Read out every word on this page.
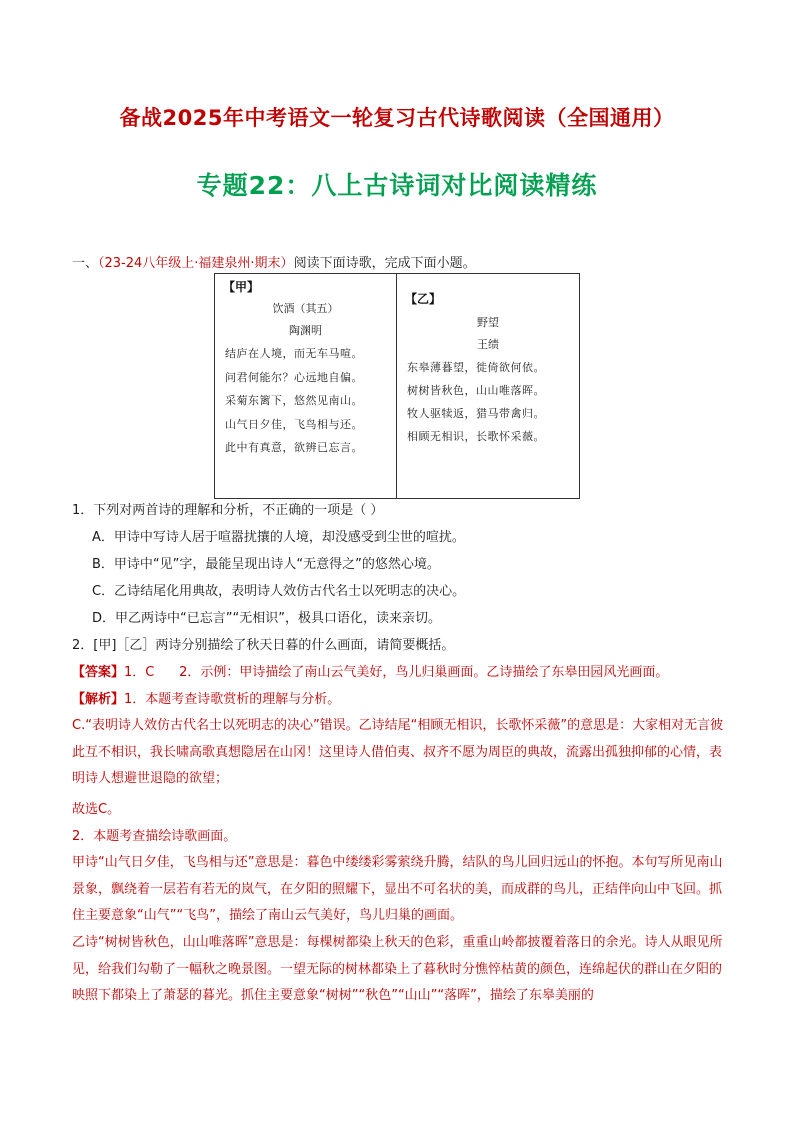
备战2025年中考语文一轮复习古代诗歌阅读（全国通用）
专题22：八上古诗词对比阅读精练
一、（23-24八年级上·福建泉州·期末）阅读下面诗歌，完成下面小题。
【甲】
饮酒（其五）
陶渊明
结庐在人境，而无车马喧。
问君何能尔？心远地自偏。
采菊东篱下，悠然见南山。
山气日夕佳，飞鸟相与还。
此中有真意，欲辨已忘言。
【乙】
野望
王绩
东皋薄暮望，徙倚欲何依。
树树皆秋色，山山唯落晖。
牧人驱犊返，猎马带禽归。
相顾无相识，长歌怀采薇。
1．下列对两首诗的理解和分析，不正确的一项是（ ）
A．甲诗中写诗人居于喧嚣扰攘的人境，却没感受到尘世的喧扰。
B．甲诗中“见”字，最能呈现出诗人“无意得之”的悠然心境。
C．乙诗结尾化用典故，表明诗人效仿古代名士以死明志的决心。
D．甲乙两诗中“已忘言”“无相识”，极具口语化，读来亲切。
2．[甲]［乙］两诗分别描绘了秋天日暮的什么画面，请简要概括。
【答案】1．C      2．示例：甲诗描绘了南山云气美好，鸟儿归巢画面。乙诗描绘了东皋田园风光画面。
【解析】1．本题考查诗歌赏析的理解与分析。
C.“表明诗人效仿古代名士以死明志的决心”错误。乙诗结尾“相顾无相识，长歌怀采薇”的意思是：大家相对无言彼此互不相识，我长啸高歌真想隐居在山冈！这里诗人借伯夷、叔齐不愿为周臣的典故，流露出孤独抑郁的心情，表明诗人想避世退隐的欲望；
故选C。
2．本题考查描绘诗歌画面。
甲诗“山气日夕佳，飞鸟相与还”意思是：暮色中缕缕彩雾萦绕升腾，结队的鸟儿回归远山的怀抱。本句写所见南山景象，飘绕着一层若有若无的岚气，在夕阳的照耀下，显出不可名状的美，而成群的鸟儿，正结伴向山中飞回。抓住主要意象“山气”“飞鸟”，描绘了南山云气美好，鸟儿归巢的画面。
乙诗“树树皆秋色，山山唯落晖”意思是：每棵树都染上秋天的色彩，重重山岭都披覆着落日的余光。诗人从眼见所见，给我们勾勒了一幅秋之晚景图。一望无际的树林都染上了暮秋时分憔悴枯黄的颜色，连绵起伏的群山在夕阳的映照下都染上了萧瑟的暮光。抓住主要意象“树树”“秋色”“山山”“落晖”，描绘了东皋美丽的
